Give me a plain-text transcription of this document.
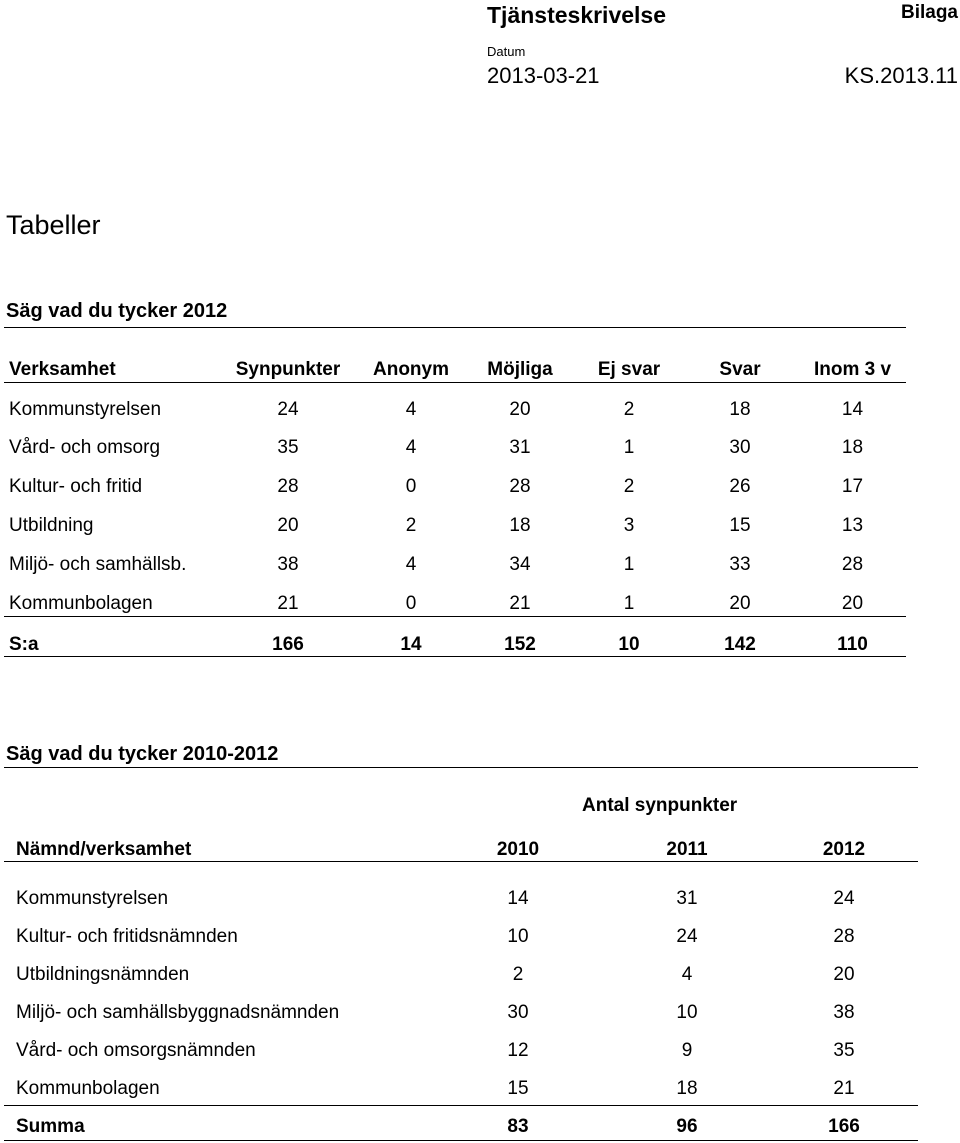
Tjänsteskrivelse	Bilaga
Datum
2013-03-21	KS.2013.11
Tabeller
Säg vad du tycker 2012
Verksamhet	Synpunkter	Anonym	Möjliga	Ej svar	Svar	Inom 3 v
Kommunstyrelsen	24	4	20	2	18	14
Vård- och omsorg	35	4	31	1	30	18
Kultur- och fritid	28	0	28	2	26	17
Utbildning	20	2	18	3	15	13
Miljö- och samhällsb.	38	4	34	1	33	28
Kommunbolagen	21	0	21	1	20	20
S:a	166	14	152	10	142	110
Säg vad du tycker 2010-2012
Antal synpunkter
Nämnd/verksamhet	2010	2011	2012
Kommunstyrelsen	14	31	24
Kultur- och fritidsnämnden	10	24	28
Utbildningsnämnden	2	4	20
Miljö- och samhällsbyggnadsnämnden	30	10	38
Vård- och omsorgsnämnden	12	9	35
Kommunbolagen	15	18	21
Summa	83	96	166
